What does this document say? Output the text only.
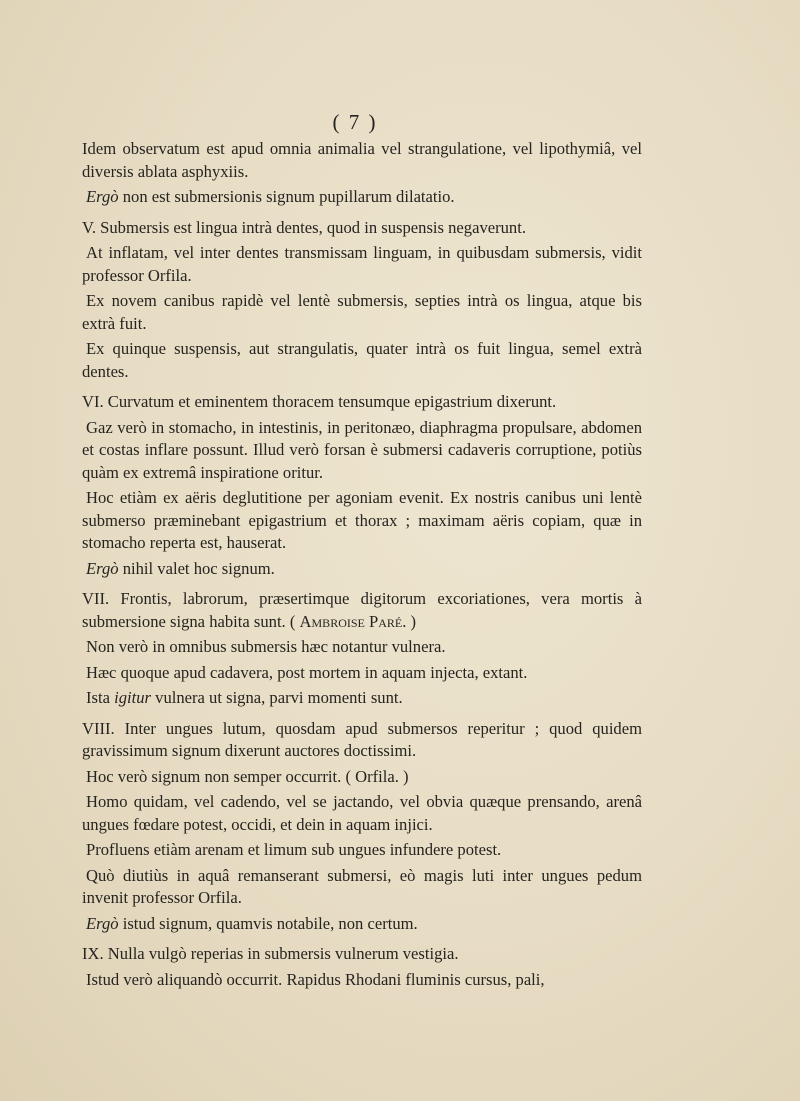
( 7 )

Idem observatum est apud omnia animalia vel strangulatione, vel lipothymiâ, vel diversis ablata asphyxiis.

Ergò non est submersionis signum pupillarum dilatatio.

V. Submersis est lingua intrà dentes, quod in suspensis negaverunt.

At inflatam, vel inter dentes transmissam linguam, in quibusdam submersis, vidit professor Orfila.

Ex novem canibus rapidè vel lentè submersis, septies intrà os lingua, atque bis extrà fuit.

Ex quinque suspensis, aut strangulatis, quater intrà os fuit lingua, semel extrà dentes.

VI. Curvatum et eminentem thoracem tensumque epigastrium dixerunt.

Gaz verò in stomacho, in intestinis, in peritonæo, diaphragma propulsare, abdomen et costas inflare possunt. Illud verò forsan è submersi cadaveris corruptione, potiùs quàm ex extremâ inspiratione oritur.

Hoc etiàm ex aëris deglutitione per agoniam evenit. Ex nostris canibus uni lentè submerso præminebant epigastrium et thorax ; maximam aëris copiam, quæ in stomacho reperta est, hauserat.

Ergò nihil valet hoc signum.

VII. Frontis, labrorum, præsertimque digitorum excoriationes, vera mortis à submersione signa habita sunt. ( Ambroise Paré. )

Non verò in omnibus submersis hæc notantur vulnera.

Hæc quoque apud cadavera, post mortem in aquam injecta, extant.

Ista igitur vulnera ut signa, parvi momenti sunt.

VIII. Inter ungues lutum, quosdam apud submersos reperitur ; quod quidem gravissimum signum dixerunt auctores doctissimi.

Hoc verò signum non semper occurrit. ( Orfila. )

Homo quidam, vel cadendo, vel se jactando, vel obvia quæque prensando, arenâ ungues fœdare potest, occidi, et dein in aquam injici.

Profluens etiàm arenam et limum sub ungues infundere potest.

Quò diutiùs in aquâ remanserant submersi, eò magis luti inter ungues pedum invenit professor Orfila.

Ergò istud signum, quamvis notabile, non certum.

IX. Nulla vulgò reperias in submersis vulnerum vestigia.

Istud verò aliquandò occurrit. Rapidus Rhodani fluminis cursus, pali,
